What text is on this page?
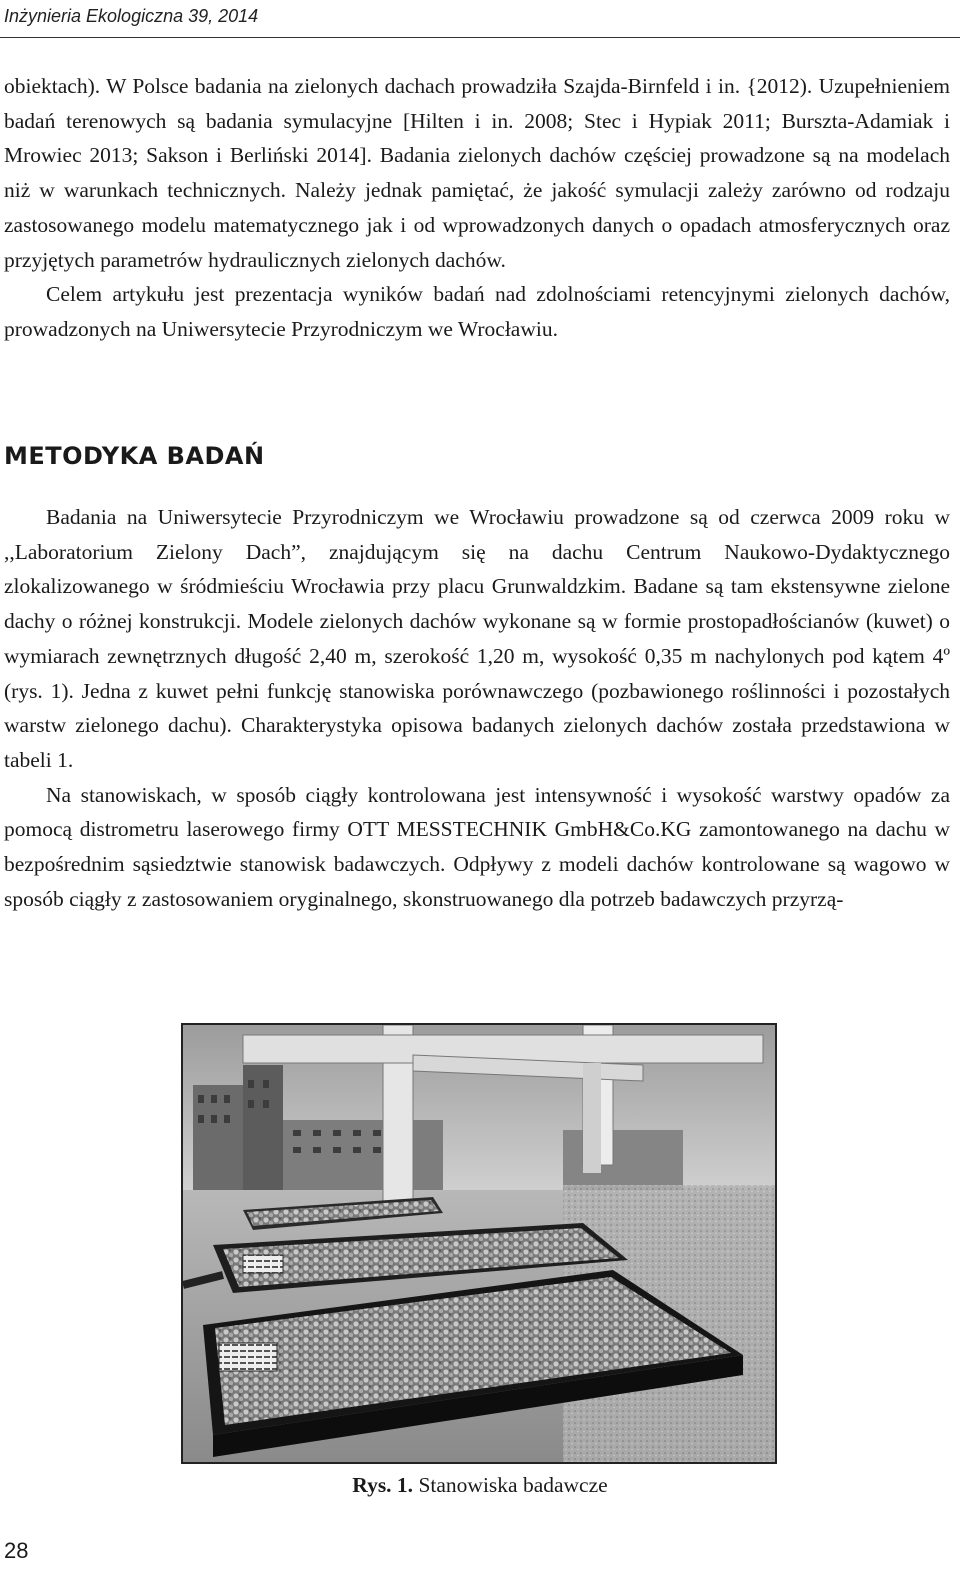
Inżynieria Ekologiczna 39, 2014

obiektach). W Polsce badania na zielonych dachach prowadziła Szajda-Birnfeld i in. {2012). Uzupełnieniem badań terenowych są badania symulacyjne [Hilten i in. 2008; Stec i Hypiak 2011; Burszta-Adamiak i Mrowiec 2013; Sakson i Berliński 2014]. Badania zielonych dachów częściej prowadzone są na modelach niż w warunkach technicznych. Należy jednak pamiętać, że jakość symulacji zależy zarówno od rodzaju zastosowanego modelu matematycznego jak i od wprowadzonych danych o opadach atmosferycznych oraz przyjętych parametrów hydraulicznych zielonych dachów.

Celem artykułu jest prezentacja wyników badań nad zdolnościami retencyjnymi zielonych dachów, prowadzonych na Uniwersytecie Przyrodniczym we Wrocławiu.

METODYKA BADAŃ

Badania na Uniwersytecie Przyrodniczym we Wrocławiu prowadzone są od czerwca 2009 roku w ,,Laboratorium Zielony Dach”, znajdującym się na dachu Centrum Naukowo-Dydaktycznego zlokalizowanego w śródmieściu Wrocławia przy placu Grunwaldzkim. Badane są tam ekstensywne zielone dachy o różnej konstrukcji. Modele zielonych dachów wykonane są w formie prostopadłościanów (kuwet) o wymiarach zewnętrznych długość 2,40 m, szerokość 1,20 m, wysokość 0,35 m nachylonych pod kątem 4º (rys. 1). Jedna z kuwet pełni funkcję stanowiska porównawczego (pozbawionego roślinności i pozostałych warstw zielonego dachu). Charakterystyka opisowa badanych zielonych dachów została przedstawiona w tabeli 1.

Na stanowiskach, w sposób ciągły kontrolowana jest intensywność i wysokość warstwy opadów za pomocą distrometru laserowego firmy OTT MESSTECHNIK GmbH&Co.KG zamontowanego na dachu w bezpośrednim sąsiedztwie stanowisk badawczych. Odpływy z modeli dachów kontrolowane są wagowo w sposób ciągły z zastosowaniem oryginalnego, skonstruowanego dla potrzeb badawczych przyrzą-

Rys. 1. Stanowiska badawcze
28
